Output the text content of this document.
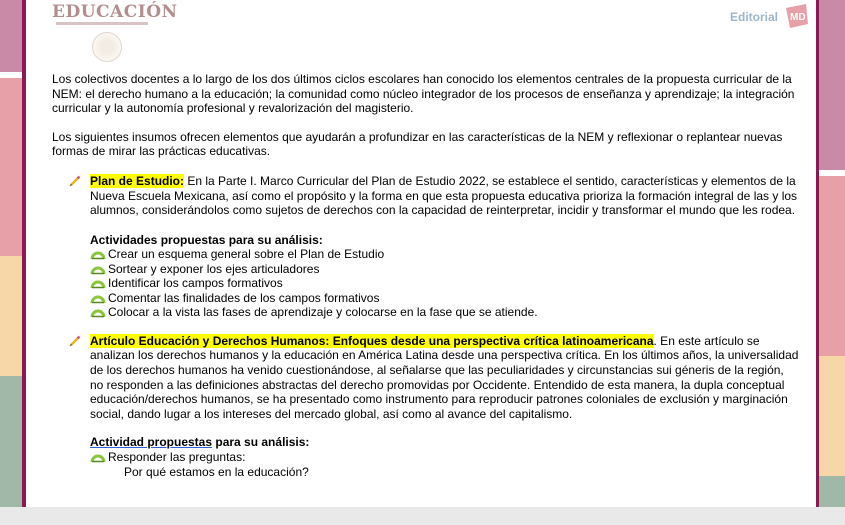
EDUCACIÓN	Editorial MD

Los colectivos docentes a lo largo de los dos últimos ciclos escolares han conocido los elementos centrales de la propuesta curricular de la NEM: el derecho humano a la educación; la comunidad como núcleo integrador de los procesos de enseñanza y aprendizaje; la integración curricular y la autonomía profesional y revalorización del magisterio.

Los siguientes insumos ofrecen elementos que ayudarán a profundizar en las características de la NEM y reflexionar o replantear nuevas formas de mirar las prácticas educativas.

Plan de Estudio: En la Parte I. Marco Curricular del Plan de Estudio 2022, se establece el sentido, características y elementos de la Nueva Escuela Mexicana, así como el propósito y la forma en que esta propuesta educativa prioriza la formación integral de las y los alumnos, considerándolos como sujetos de derechos con la capacidad de reinterpretar, incidir y transformar el mundo que les rodea.
Actividades propuestas para su análisis:
Crear un esquema general sobre el Plan de Estudio
Sortear y exponer los ejes articuladores
Identificar los campos formativos
Comentar las finalidades de los campos formativos
Colocar a la vista las fases de aprendizaje y colocarse en la fase que se atiende.
Artículo Educación y Derechos Humanos: Enfoques desde una perspectiva crítica latinoamericana. En este artículo se analizan los derechos humanos y la educación en América Latina desde una perspectiva crítica. En los últimos años, la universalidad de los derechos humanos ha venido cuestionándose, al señalarse que las peculiaridades y circunstancias sui géneris de la región, no responden a las definiciones abstractas del derecho promovidas por Occidente. Entendido de esta manera, la dupla conceptual educación/derechos humanos, se ha presentado como instrumento para reproducir patrones coloniales de exclusión y marginación social, dando lugar a los intereses del mercado global, así como al avance del capitalismo.
Actividad propuestas para su análisis:
Responder las preguntas:
Por qué estamos en la educación?
